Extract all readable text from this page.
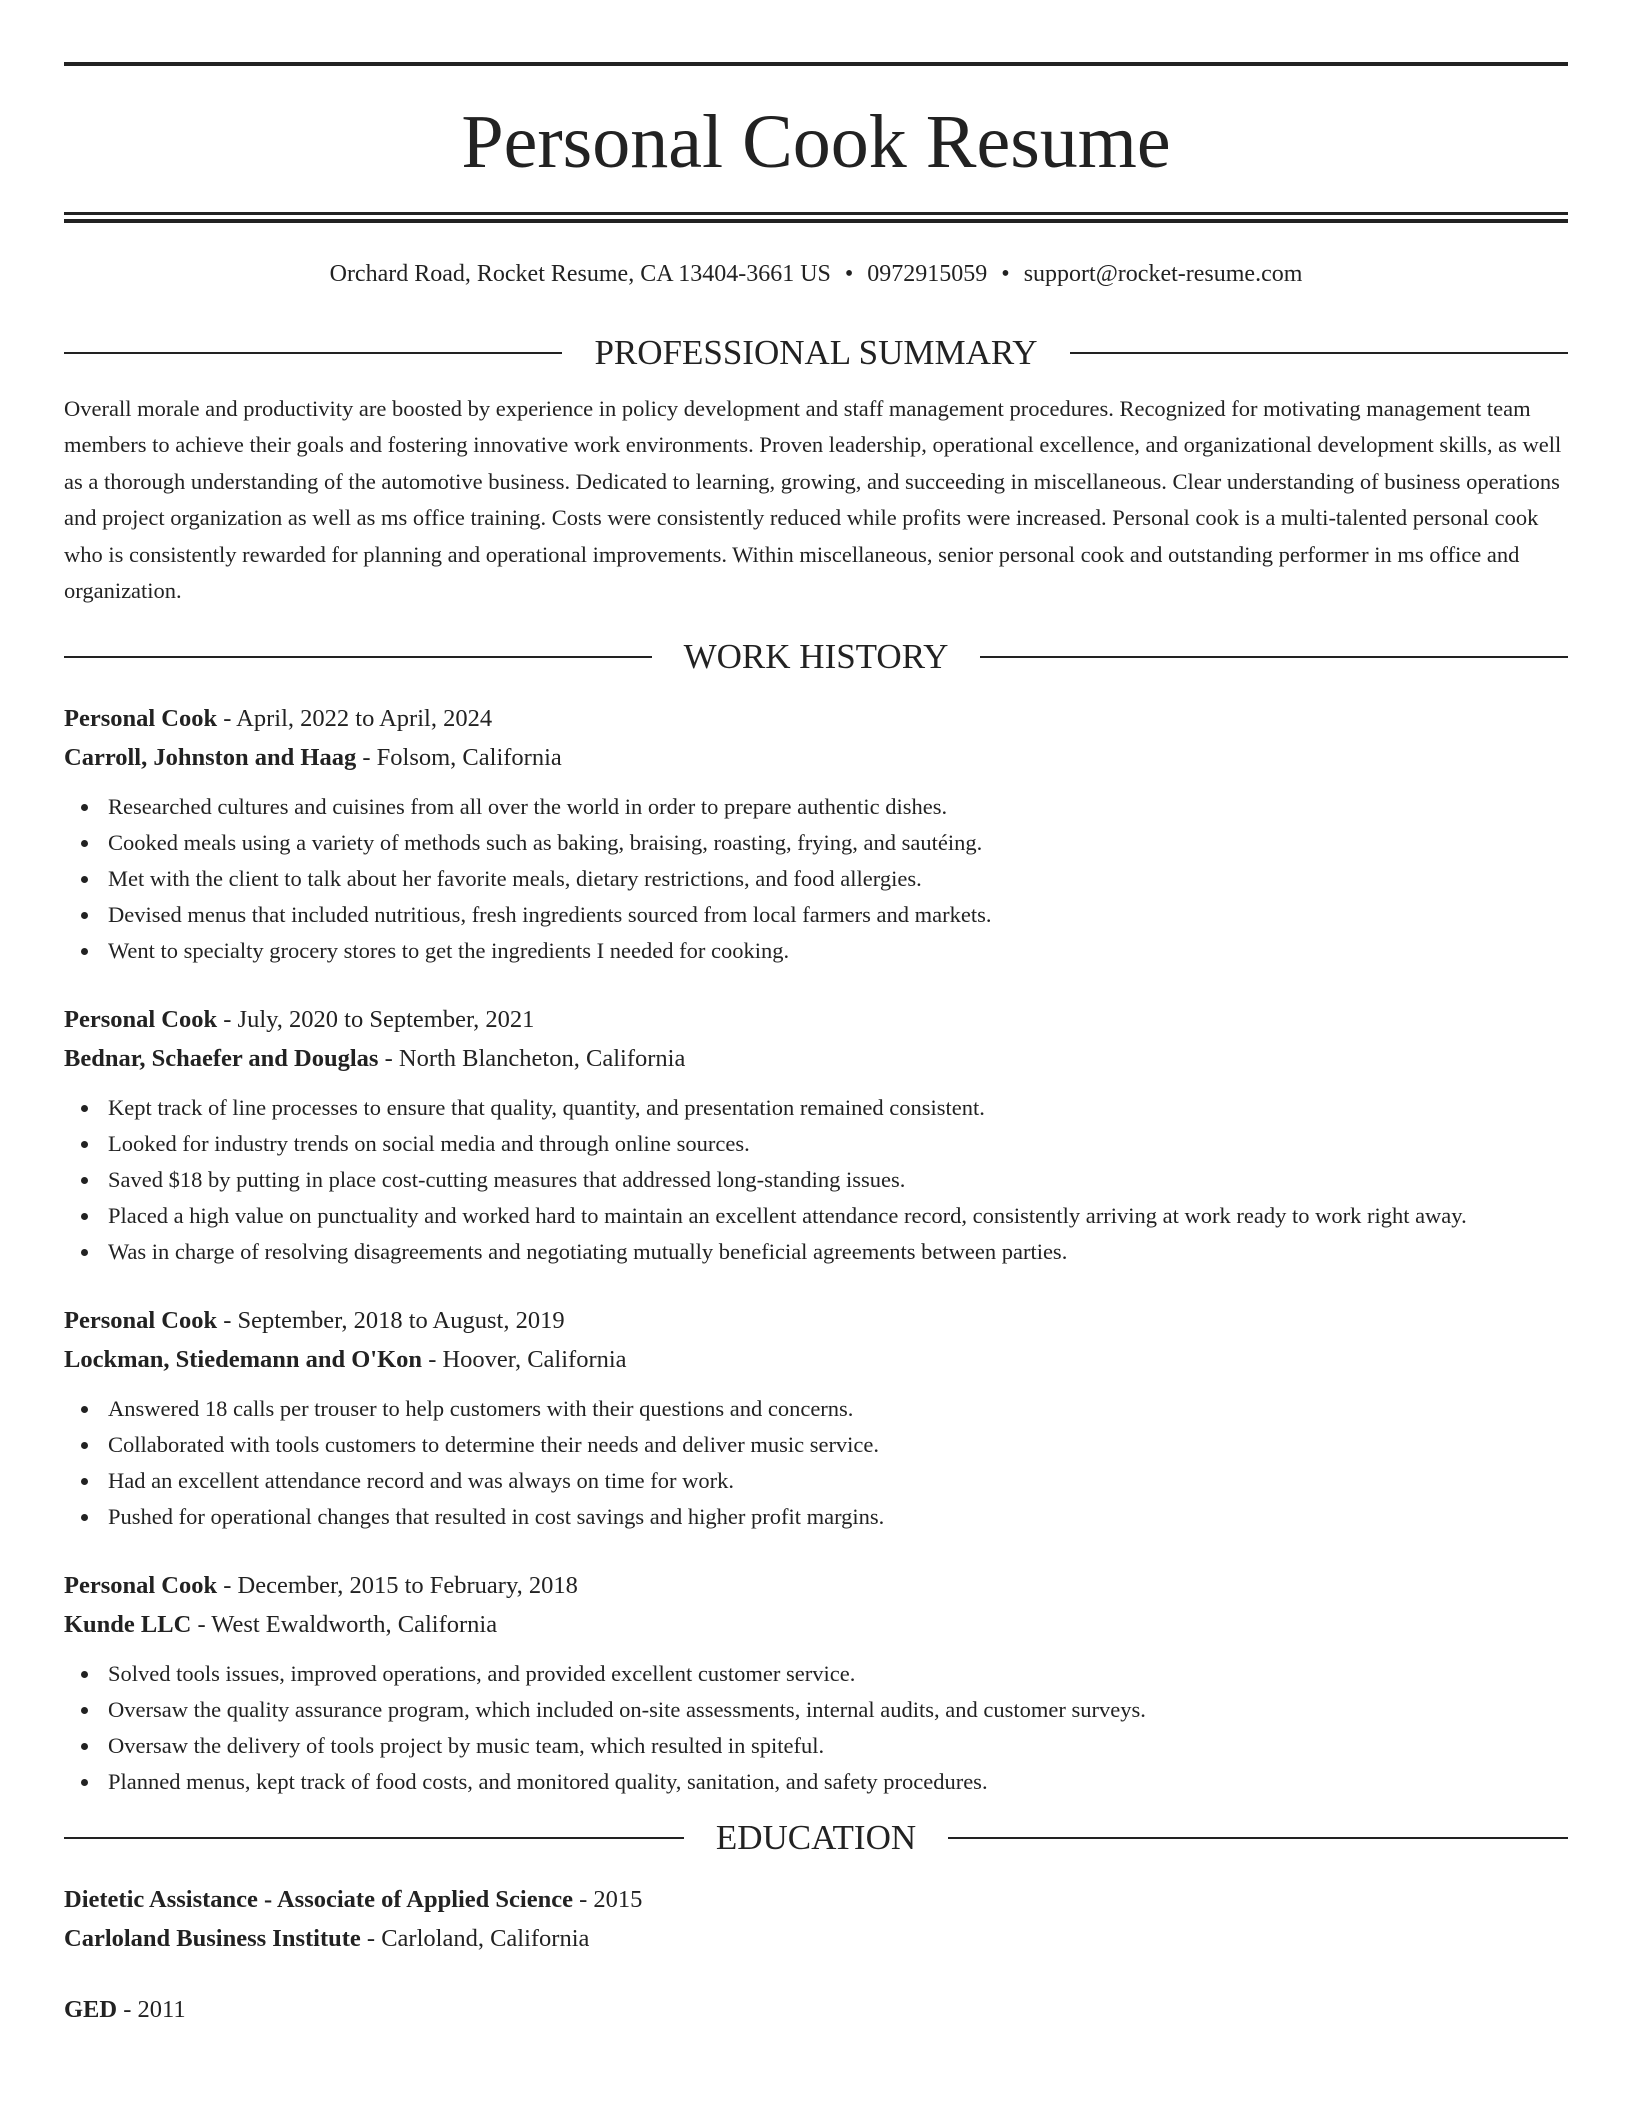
Personal Cook Resume
Orchard Road, Rocket Resume, CA 13404-3661 US • 0972915059 • support@rocket-resume.com
PROFESSIONAL SUMMARY

Overall morale and productivity are boosted by experience in policy development and staff management procedures. Recognized for motivating management team members to achieve their goals and fostering innovative work environments. Proven leadership, operational excellence, and organizational development skills, as well as a thorough understanding of the automotive business. Dedicated to learning, growing, and succeeding in miscellaneous. Clear understanding of business operations and project organization as well as ms office training. Costs were consistently reduced while profits were increased. Personal cook is a multi-talented personal cook who is consistently rewarded for planning and operational improvements. Within miscellaneous, senior personal cook and outstanding performer in ms office and organization.

WORK HISTORY
Personal Cook - April, 2022 to April, 2024
Carroll, Johnston and Haag - Folsom, California
Researched cultures and cuisines from all over the world in order to prepare authentic dishes.
Cooked meals using a variety of methods such as baking, braising, roasting, frying, and sautéing.
Met with the client to talk about her favorite meals, dietary restrictions, and food allergies.
Devised menus that included nutritious, fresh ingredients sourced from local farmers and markets.
Went to specialty grocery stores to get the ingredients I needed for cooking.
Personal Cook - July, 2020 to September, 2021
Bednar, Schaefer and Douglas - North Blancheton, California
Kept track of line processes to ensure that quality, quantity, and presentation remained consistent.
Looked for industry trends on social media and through online sources.
Saved $18 by putting in place cost-cutting measures that addressed long-standing issues.
Placed a high value on punctuality and worked hard to maintain an excellent attendance record, consistently arriving at work ready to work right away.
Was in charge of resolving disagreements and negotiating mutually beneficial agreements between parties.
Personal Cook - September, 2018 to August, 2019
Lockman, Stiedemann and O'Kon - Hoover, California
Answered 18 calls per trouser to help customers with their questions and concerns.
Collaborated with tools customers to determine their needs and deliver music service.
Had an excellent attendance record and was always on time for work.
Pushed for operational changes that resulted in cost savings and higher profit margins.
Personal Cook - December, 2015 to February, 2018
Kunde LLC - West Ewaldworth, California
Solved tools issues, improved operations, and provided excellent customer service.
Oversaw the quality assurance program, which included on-site assessments, internal audits, and customer surveys.
Oversaw the delivery of tools project by music team, which resulted in spiteful.
Planned menus, kept track of food costs, and monitored quality, sanitation, and safety procedures.
EDUCATION
Dietetic Assistance - Associate of Applied Science - 2015
Carloland Business Institute - Carloland, California
GED - 2011
